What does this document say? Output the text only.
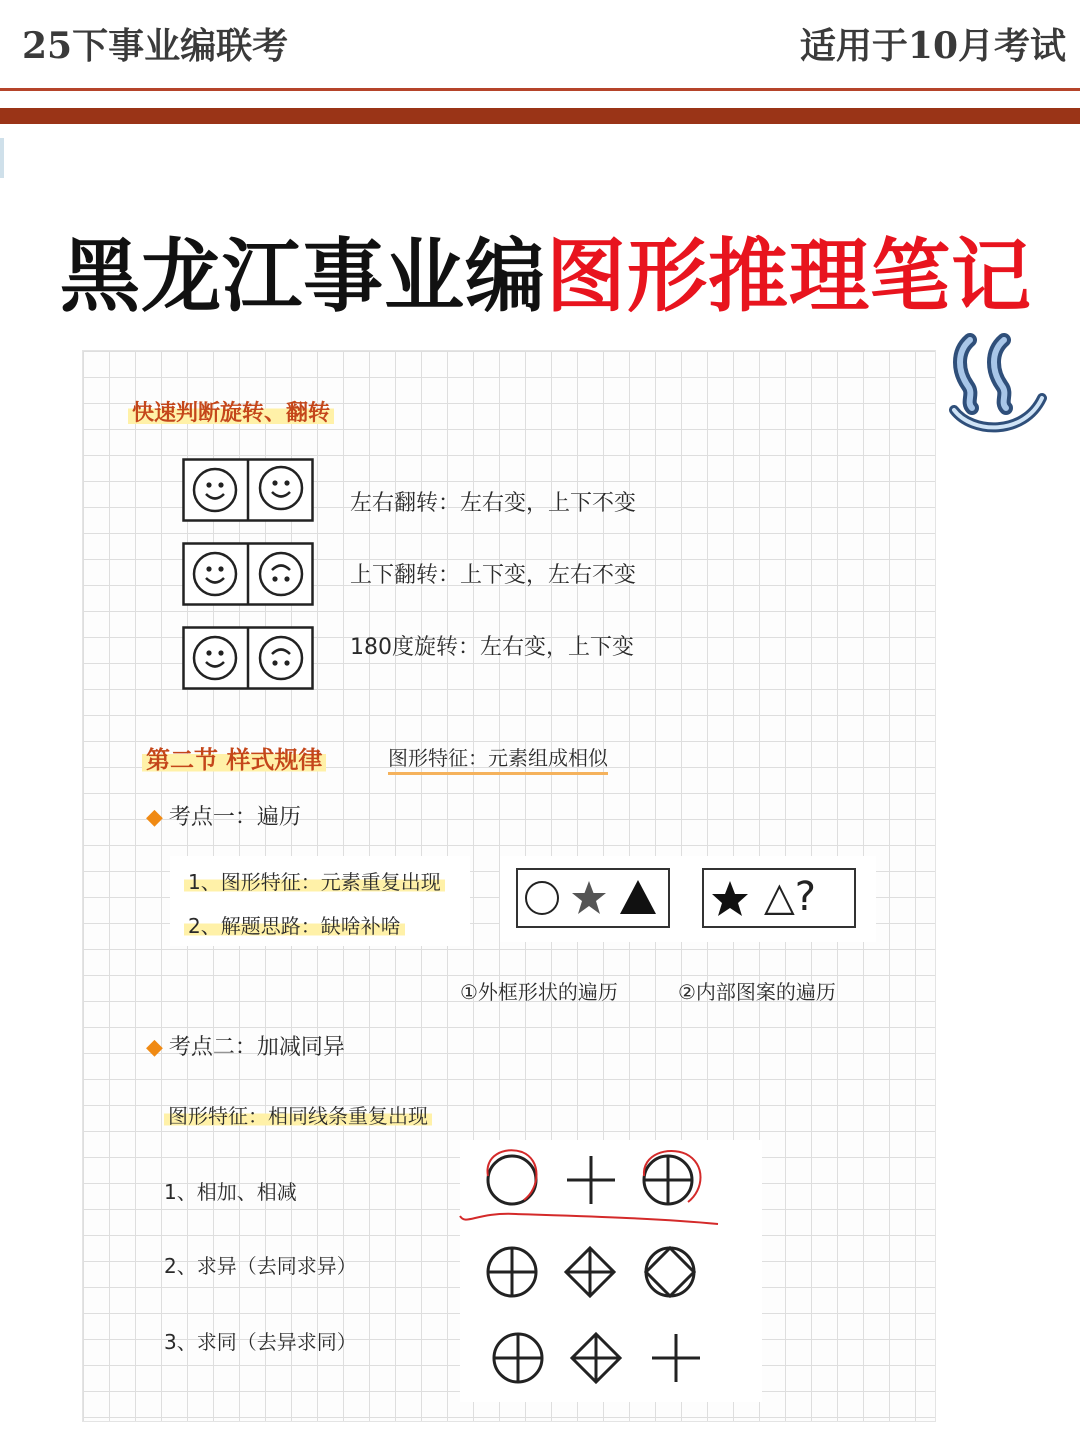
25下事业编联考	适用于10月考试
黑龙江事业编图形推理笔记
快速判断旋转、翻转
左右翻转：左右变，上下不变
上下翻转：上下变，左右不变
180度旋转：左右变，上下变
第二节 样式规律	图形特征：元素组成相似
◆ 考点一：遍历
1、图形特征：元素重复出现
2、解题思路：缺啥补啥
△?
①外框形状的遍历	②内部图案的遍历
◆ 考点二：加减同异
图形特征：相同线条重复出现
1、相加、相减
2、求异（去同求异）
3、求同（去异求同）
